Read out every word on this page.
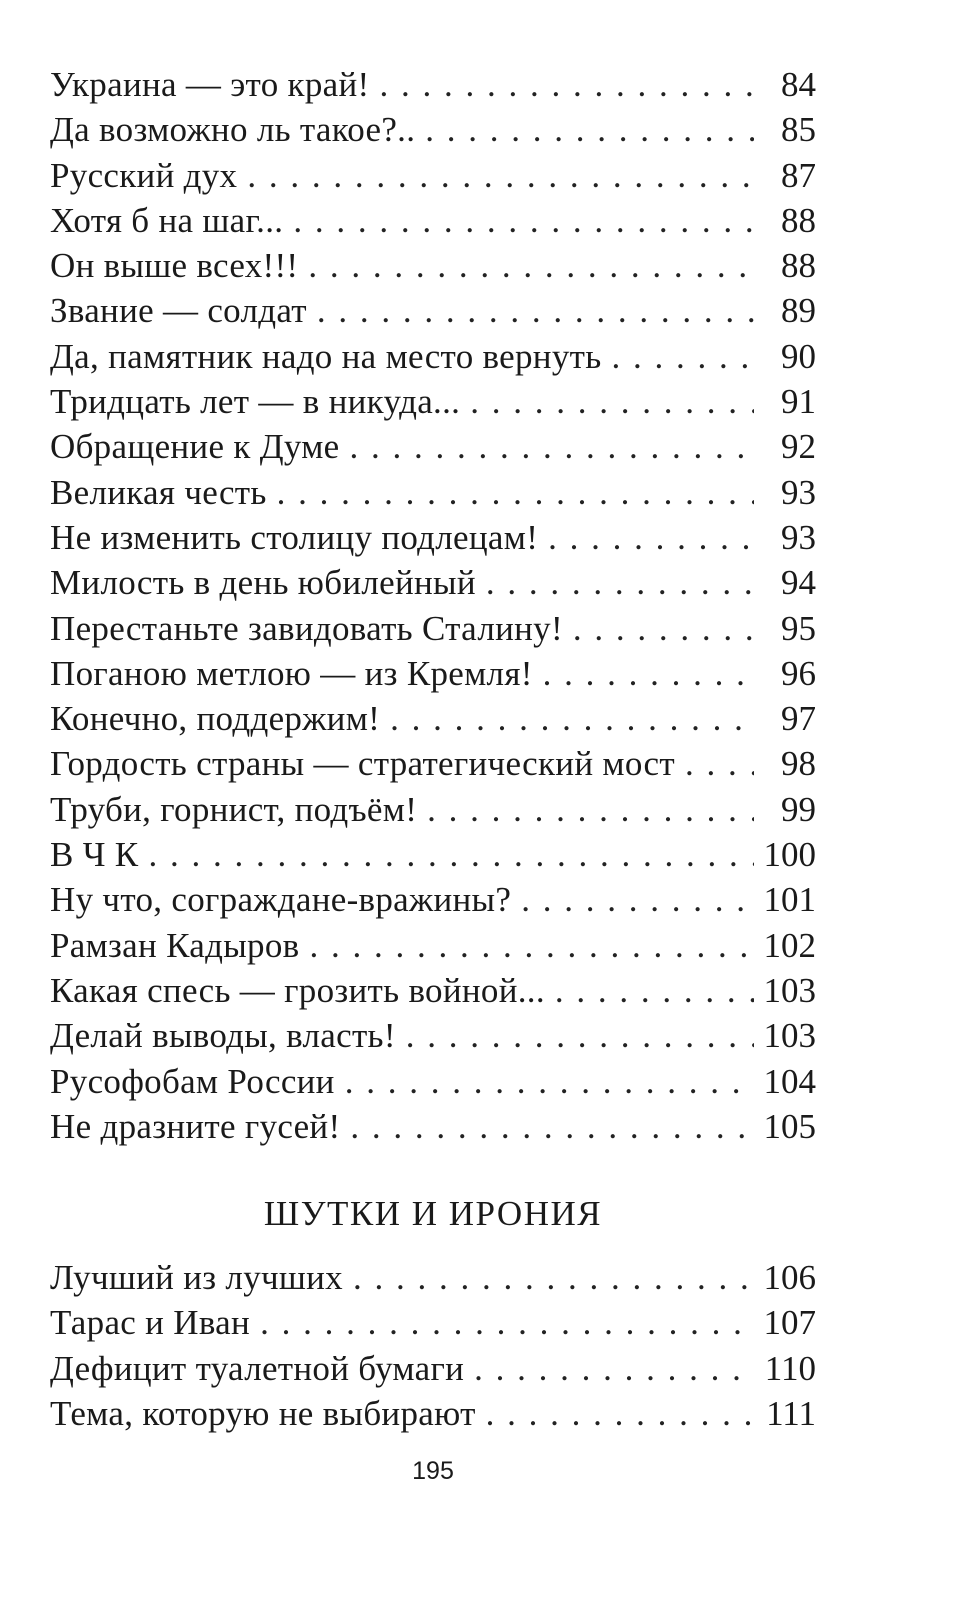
Украина — это край! . . .	84
Да возможно ль такое?.. . . .	85
Русский дух . . .	87
Хотя б на шаг... . . .	88
Он выше всех!!! . . .	88
Звание — солдат . . .	89
Да, памятник надо на место вернуть . . .	90
Тридцать лет — в никуда... . . .	91
Обращение к Думе . . .	92
Великая честь . . .	93
Не изменить столицу подлецам! . . .	93
Милость в день юбилейный . . .	94
Перестаньте завидовать Сталину! . . .	95
Поганою метлою — из Кремля! . . .	96
Конечно, поддержим! . . .	97
Гордость страны — стратегический мост . . .	98
Труби, горнист, подъём! . . .	99
В Ч К . . .	100
Ну что, сограждане-вражины? . . .	101
Рамзан Кадыров . . .	102
Какая спесь — грозить войной... . . .	103
Делай выводы, власть! . . .	103
Русофобам России . . .	104
Не дразните гусей! . . .	105
ШУТКИ И ИРОНИЯ
Лучший из лучших . . .	106
Тарас и Иван . . .	107
Дефицит туалетной бумаги . . .	110
Тема, которую не выбирают . . .	111
195
